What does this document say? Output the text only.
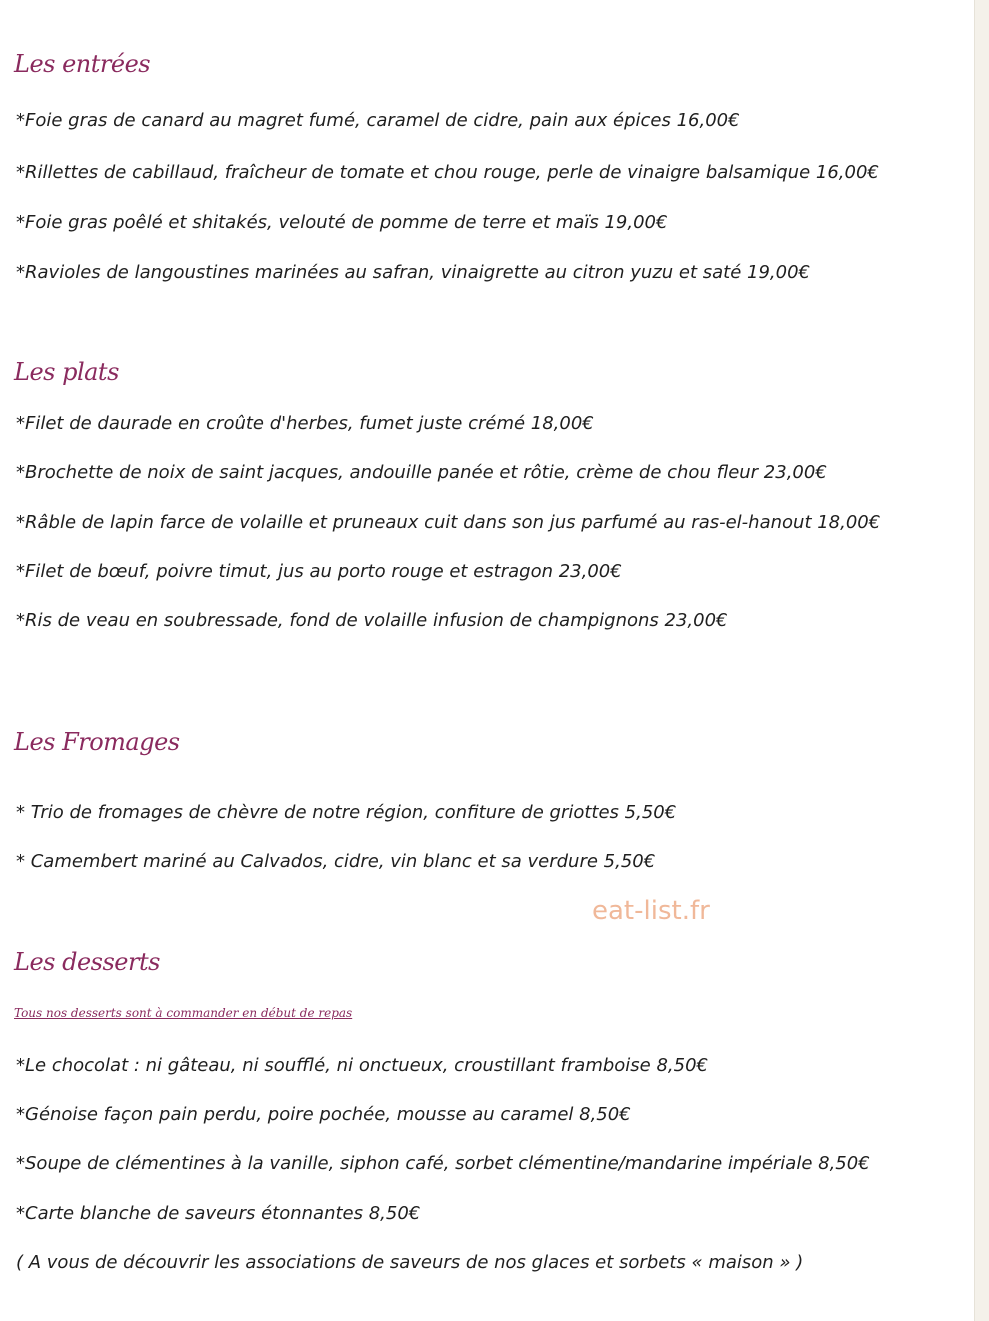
Les entrées
*Foie gras de canard au magret fumé, caramel de cidre, pain aux épices 16,00€
*Rillettes de cabillaud, fraîcheur de tomate et chou rouge, perle de vinaigre balsamique 16,00€
*Foie gras poêlé et shitakés, velouté de pomme de terre et maïs 19,00€
*Ravioles de langoustines marinées au safran, vinaigrette au citron yuzu et saté 19,00€
Les plats
*Filet de daurade en croûte d'herbes, fumet juste crémé 18,00€
*Brochette de noix de saint jacques, andouille panée et rôtie, crème de chou fleur 23,00€
*Râble de lapin farce de volaille et pruneaux cuit dans son jus parfumé au ras-el-hanout 18,00€
*Filet de bœuf, poivre timut, jus au porto rouge et estragon 23,00€
*Ris de veau en soubressade, fond de volaille infusion de champignons 23,00€
Les Fromages
* Trio de fromages de chèvre de notre région, confiture de griottes 5,50€
* Camembert mariné au Calvados, cidre, vin blanc et sa verdure 5,50€
eat-list.fr
Les desserts
Tous nos desserts sont à commander en début de repas
*Le chocolat : ni gâteau, ni soufflé, ni onctueux, croustillant framboise 8,50€
*Génoise façon pain perdu, poire pochée, mousse au caramel 8,50€
*Soupe de clémentines à la vanille, siphon café, sorbet clémentine/mandarine impériale 8,50€
*Carte blanche de saveurs étonnantes 8,50€
( A vous de découvrir les associations de saveurs de nos glaces et sorbets « maison » )
